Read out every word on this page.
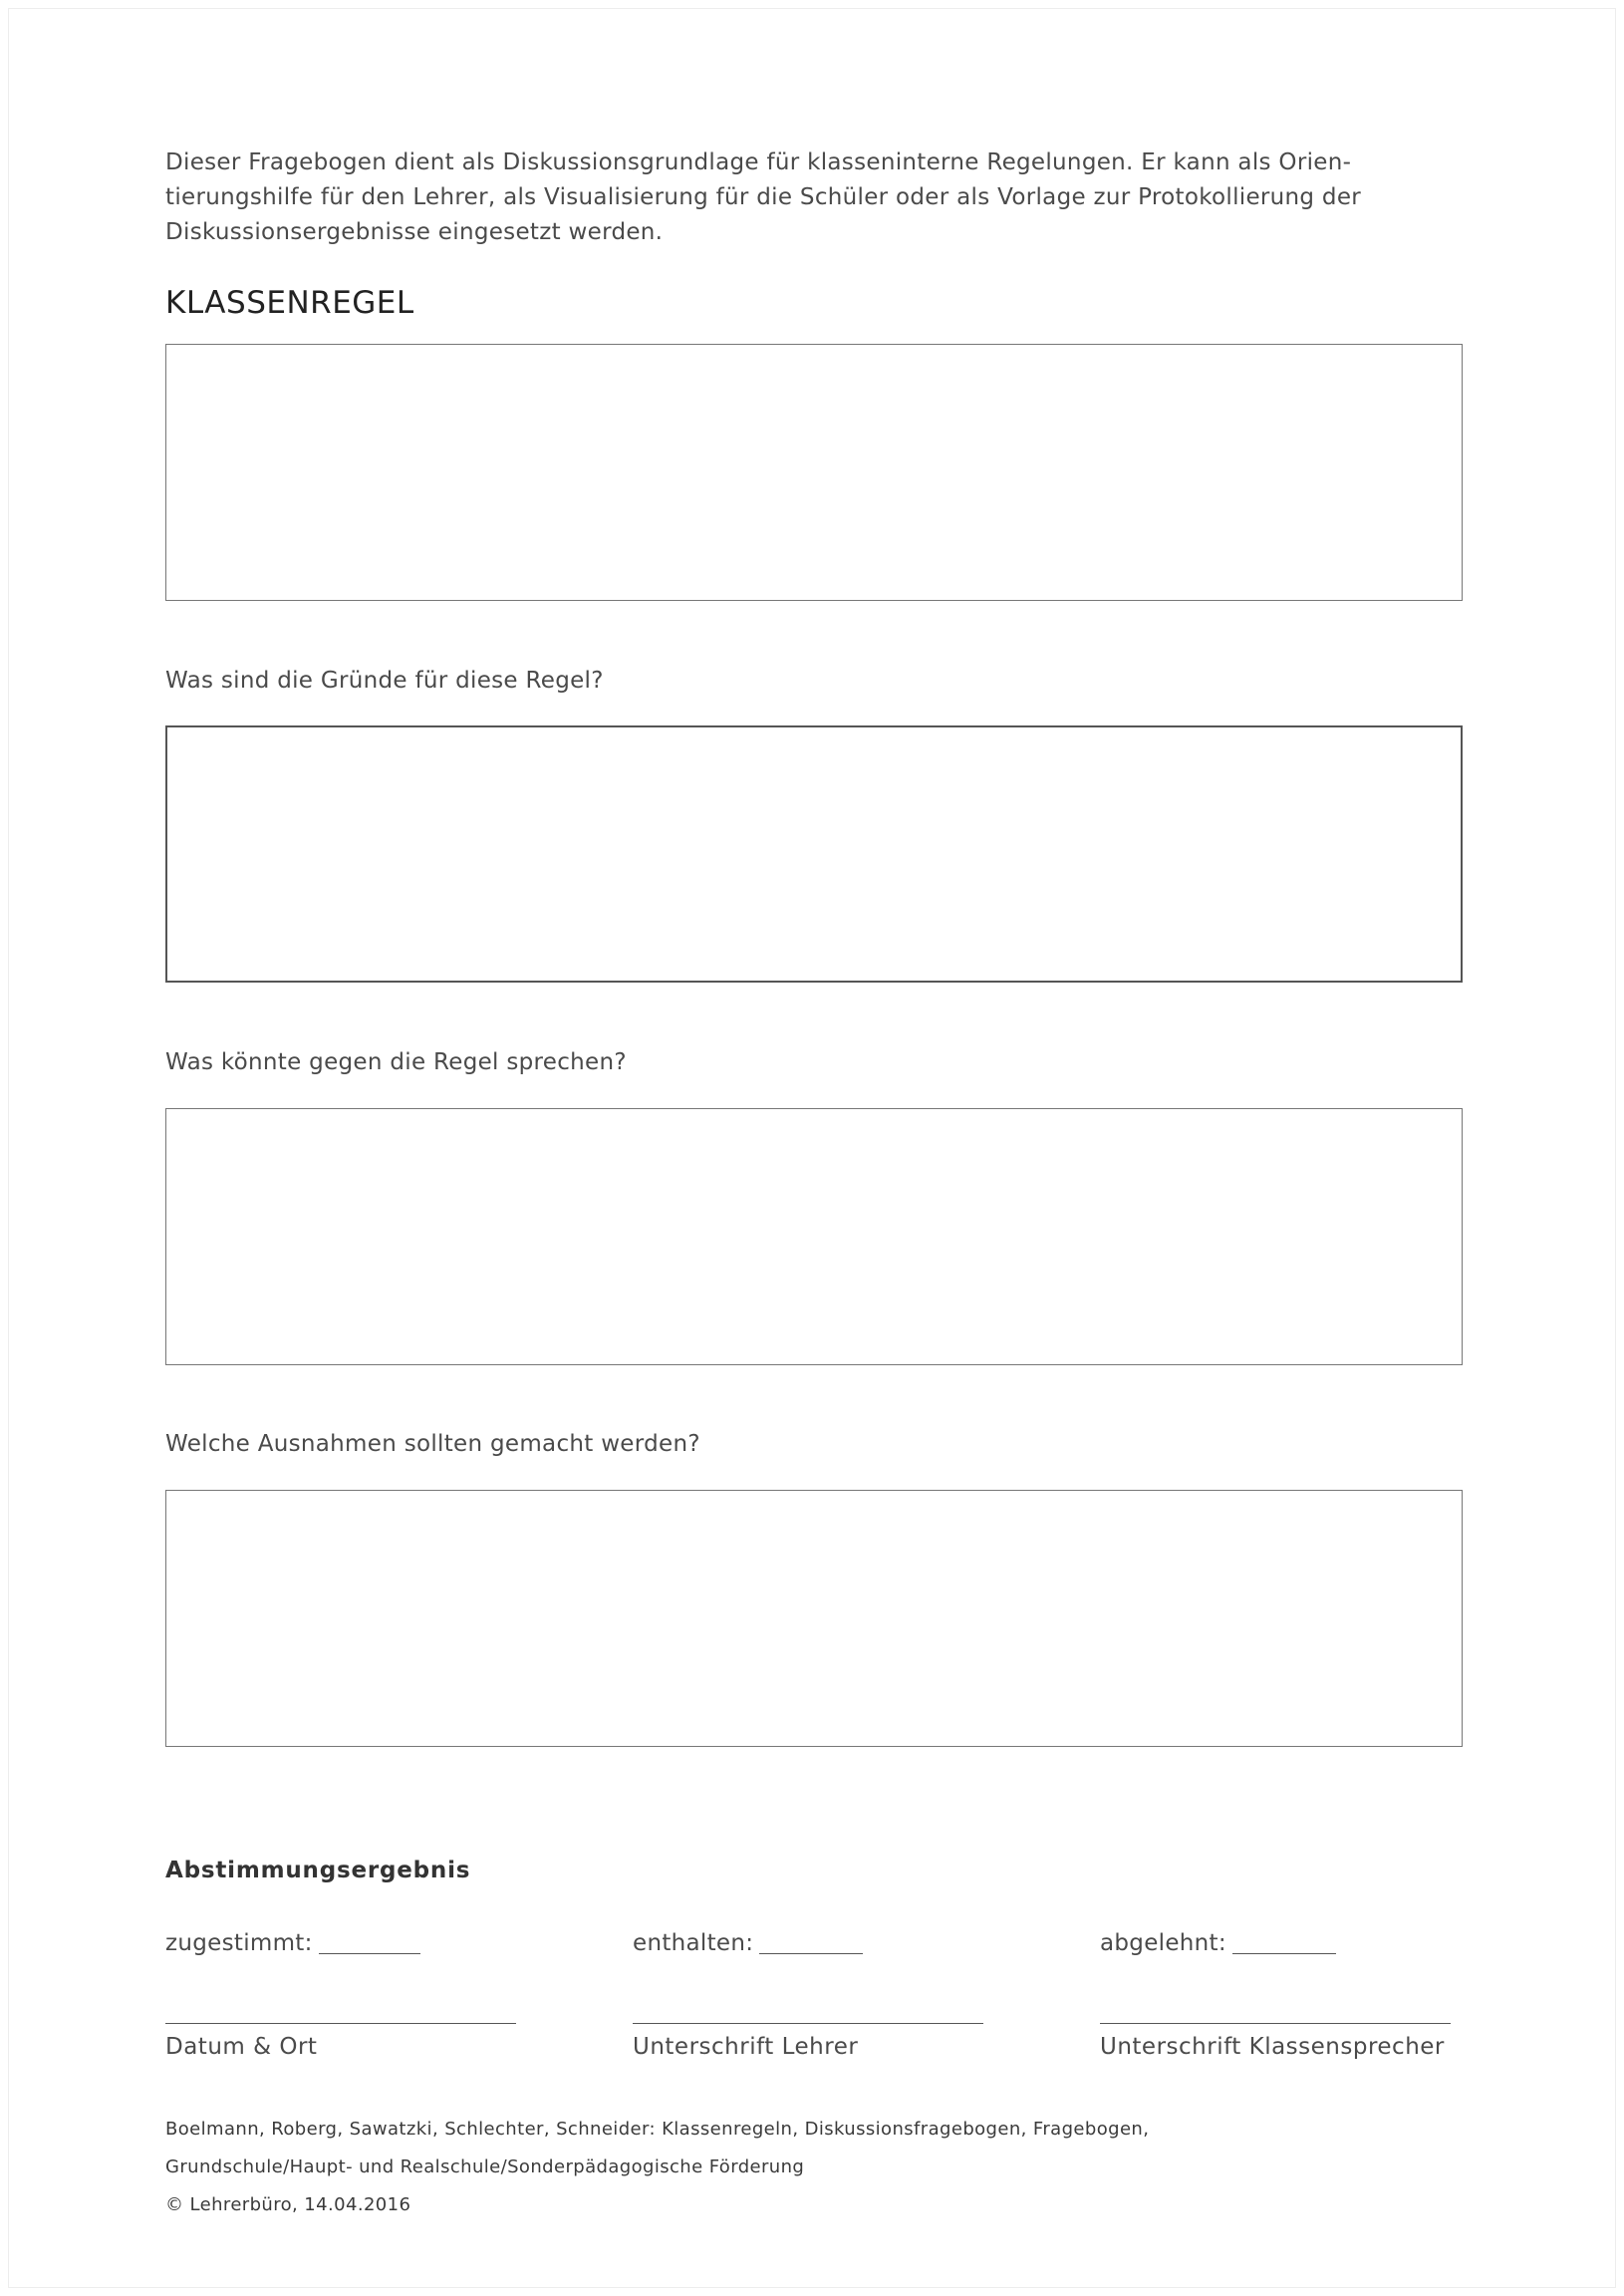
Dieser Fragebogen dient als Diskussionsgrundlage für klasseninterne Regelungen. Er kann als Orien-tierungshilfe für den Lehrer, als Visualisierung für die Schüler oder als Vorlage zur Protokollierung der Diskussionsergebnisse eingesetzt werden.

KLASSENREGEL

Was sind die Gründe für diese Regel?

Was könnte gegen die Regel sprechen?

Welche Ausnahmen sollten gemacht werden?

Abstimmungsergebnis

zugestimmt:	enthalten:	abgelehnt:
Datum & Ort	Unterschrift Lehrer	Unterschrift Klassensprecher
Boelmann, Roberg, Sawatzki, Schlechter, Schneider: Klassenregeln, Diskussionsfragebogen, Fragebogen,
Grundschule/Haupt- und Realschule/Sonderpädagogische Förderung
© Lehrerbüro, 14.04.2016
